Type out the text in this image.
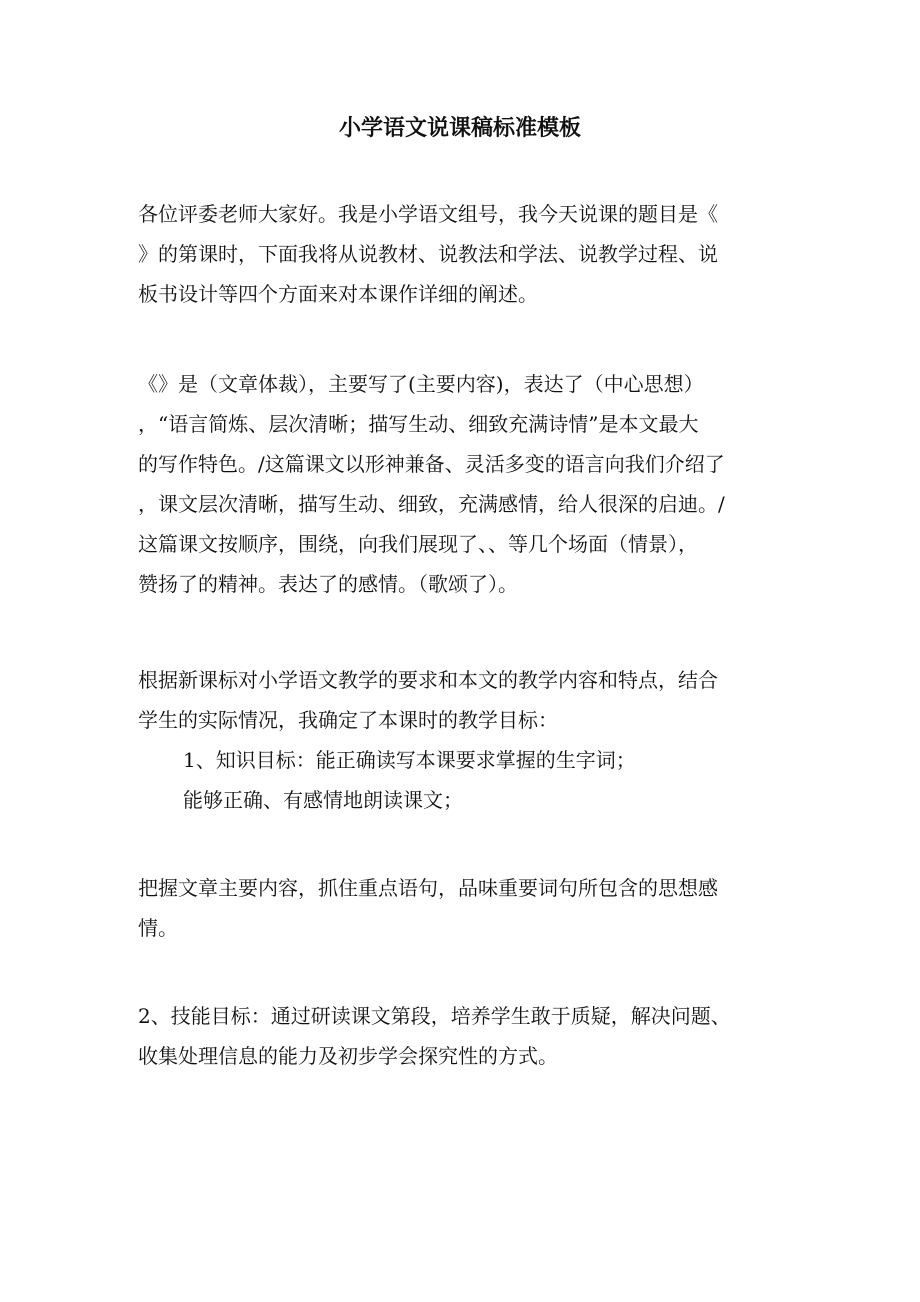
小学语文说课稿标准模板

各位评委老师大家好。我是小学语文组号，我今天说课的题目是《
》的第课时，下面我将从说教材、说教法和学法、说教学过程、说
板书设计等四个方面来对本课作详细的阐述。

《》是（文章体裁），主要写了(主要内容)，表达了（中心思想）
，“语言简炼、层次清晰；描写生动、细致充满诗情”是本文最大
的写作特色。/这篇课文以形神兼备、灵活多变的语言向我们介绍了
，课文层次清晰，描写生动、细致，充满感情，给人很深的启迪。/
这篇课文按顺序，围绕，向我们展现了、、等几个场面（情景），
赞扬了的精神。表达了的感情。（歌颂了）。

根据新课标对小学语文教学的要求和本文的教学内容和特点，结合
学生的实际情况，我确定了本课时的教学目标：
1、知识目标：能正确读写本课要求掌握的生字词；
能够正确、有感情地朗读课文；

把握文章主要内容，抓住重点语句，品味重要词句所包含的思想感
情。

2、技能目标：通过研读课文第段，培养学生敢于质疑，解决问题、
收集处理信息的能力及初步学会探究性的方式。
